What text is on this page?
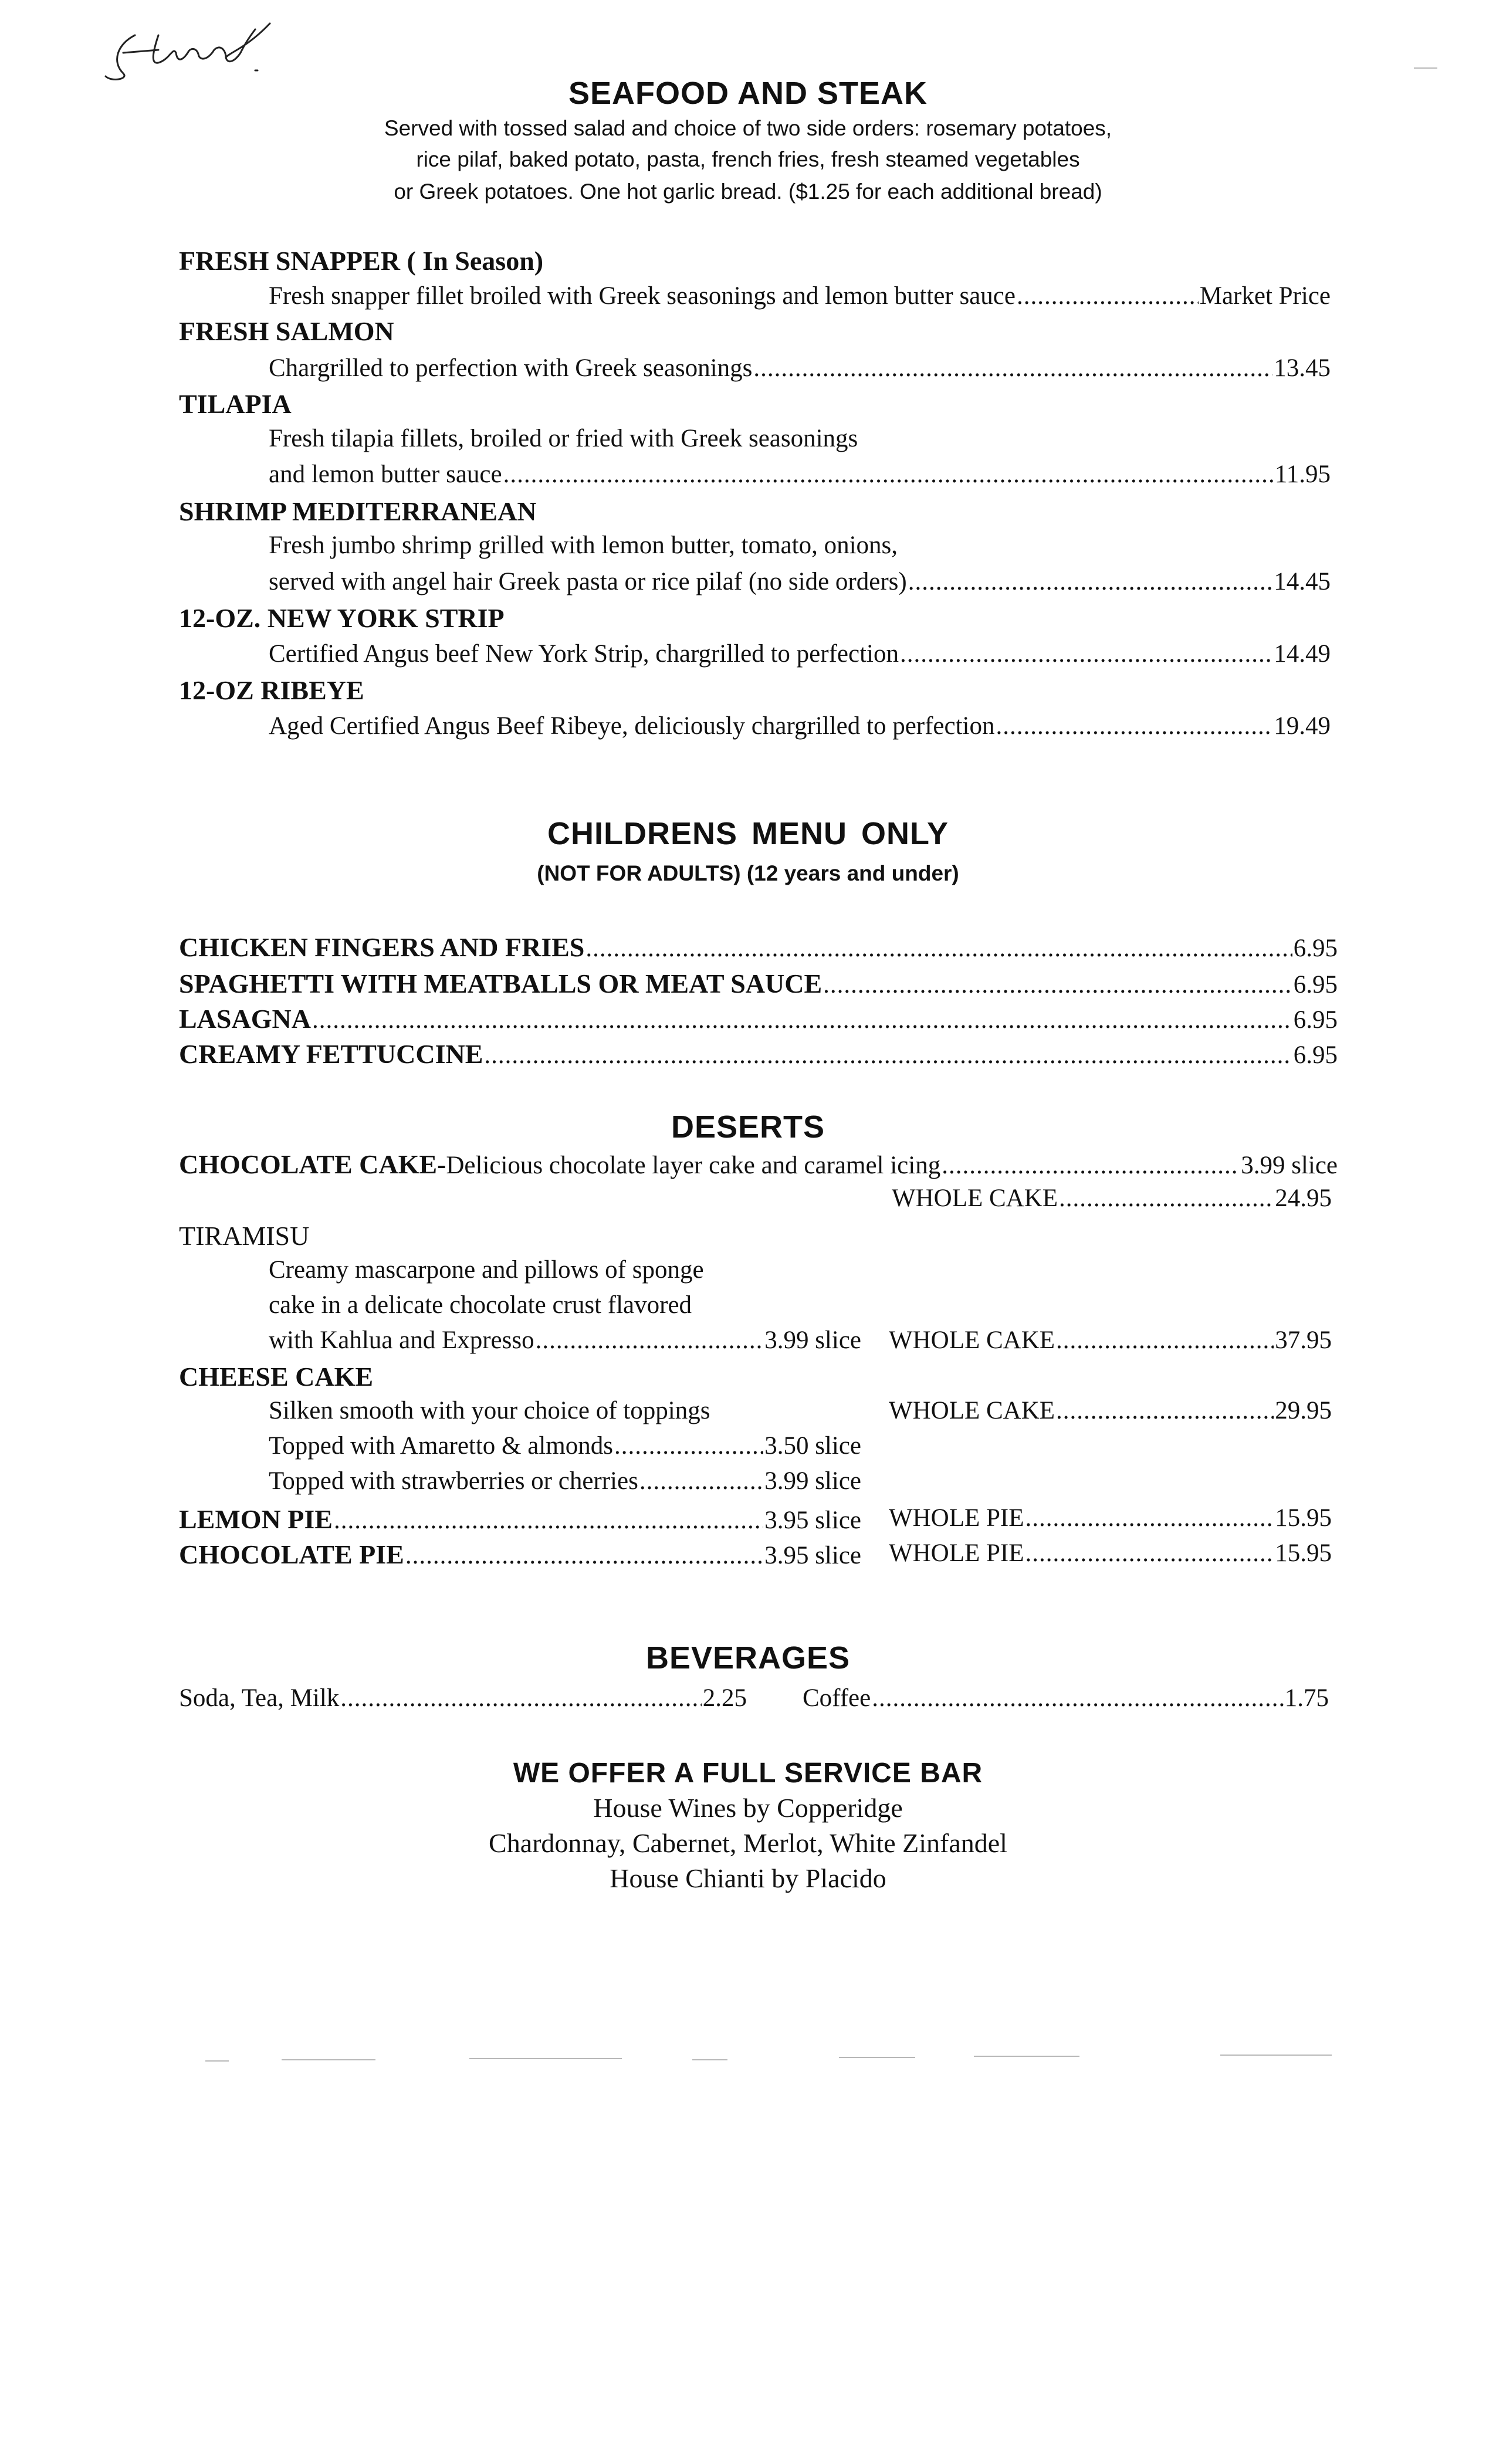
SEAFOOD AND STEAK
Served with tossed salad and choice of two side orders: rosemary potatoes,
rice pilaf, baked potato, pasta, french fries, fresh steamed vegetables
or Greek potatoes. One hot garlic bread. ($1.25 for each additional bread)
FRESH SNAPPER ( In Season)
Fresh snapper fillet broiled with Greek seasonings and lemon butter sauce .....	Market Price
FRESH SALMON
Chargrilled to perfection with Greek seasonings .....	13.45
TILAPIA
Fresh tilapia fillets, broiled or fried with Greek seasonings
and lemon butter sauce .....	11.95
SHRIMP MEDITERRANEAN
Fresh jumbo shrimp grilled with lemon butter, tomato, onions,
served with angel hair Greek pasta or rice pilaf (no side orders) .....	14.45
12-OZ. NEW YORK STRIP
Certified Angus beef New York Strip, chargrilled to perfection .....	14.49
12-OZ RIBEYE
Aged Certified Angus Beef Ribeye, deliciously chargrilled to perfection .....	19.49
CHILDRENS MENU ONLY
(NOT FOR ADULTS) (12 years and under)
CHICKEN FINGERS AND FRIES .....	6.95
SPAGHETTI WITH MEATBALLS OR MEAT SAUCE .....	6.95
LASAGNA .....	6.95
CREAMY FETTUCCINE .....	6.95
DESERTS
CHOCOLATE CAKE- Delicious chocolate layer cake and caramel icing .....	3.99 slice
WHOLE CAKE .....	24.95
TIRAMISU
Creamy mascarpone and pillows of sponge
cake in a delicate chocolate crust flavored
with Kahlua and Expresso .....	3.99 slice WHOLE CAKE .....	37.95
CHEESE CAKE
Silken smooth with your choice of toppings	WHOLE CAKE .....	29.95
Topped with Amaretto & almonds .....	3.50 slice
Topped with strawberries or cherries .....	3.99 slice
LEMON PIE .....	3.95 slice WHOLE PIE .....	15.95
CHOCOLATE PIE .....	3.95 slice WHOLE PIE .....	15.95
BEVERAGES
Soda, Tea, Milk .....	2.25 Coffee .....	1.75
WE OFFER A FULL SERVICE BAR
House Wines by Copperidge
Chardonnay, Cabernet, Merlot, White Zinfandel
House Chianti by Placido
